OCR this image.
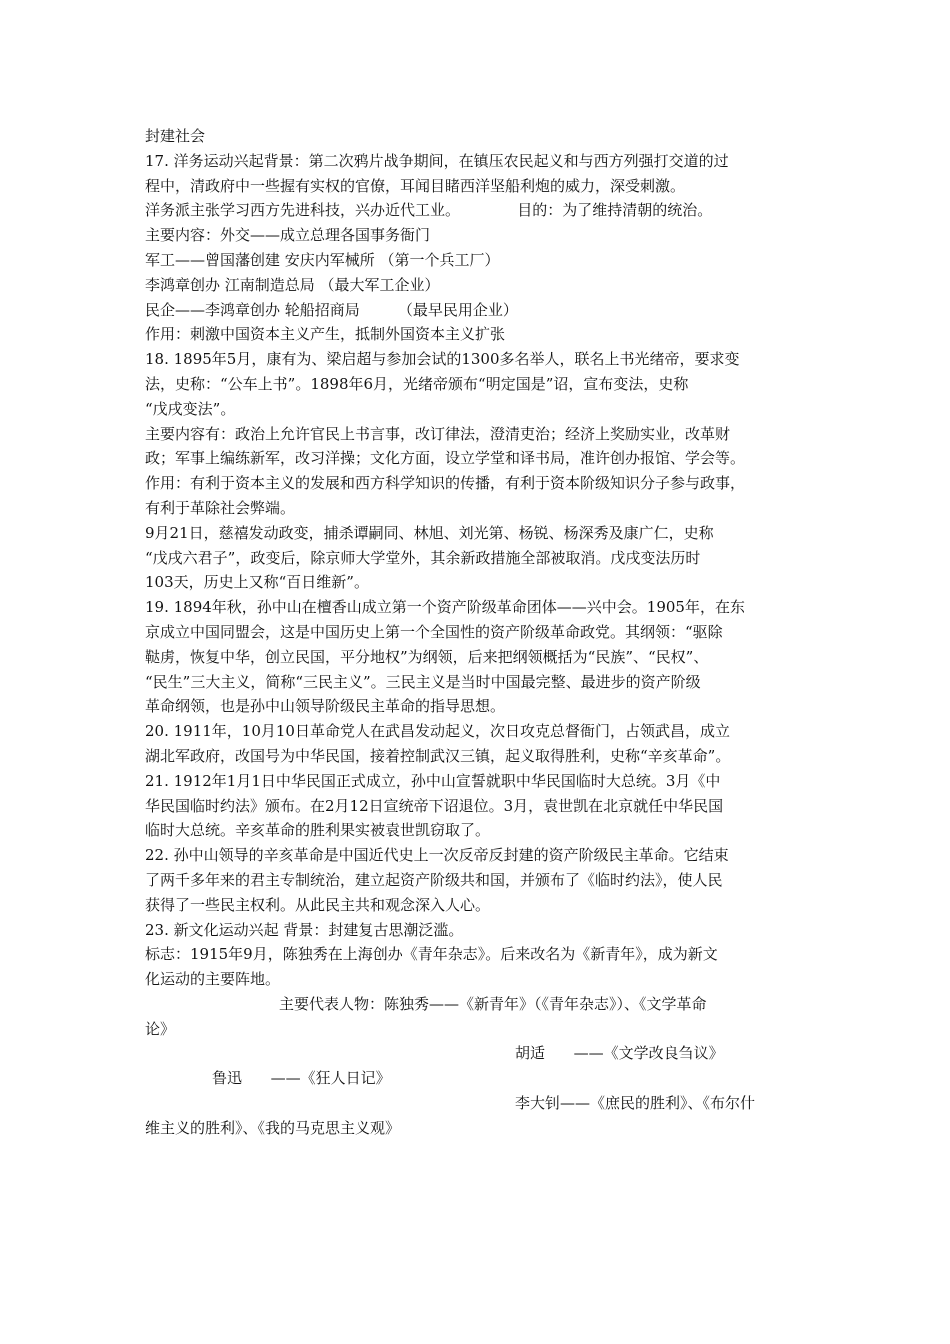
封建社会
17. 洋务运动兴起背景：第二次鸦片战争期间，在镇压农民起义和与西方列强打交道的过
程中，清政府中一些握有实权的官僚，耳闻目睹西洋坚船利炮的威力，深受刺激。
洋务派主张学习西方先进科技，兴办近代工业。            目的：为了维持清朝的统治。
主要内容：外交——成立总理各国事务衙门
军工——曾国藩创建 安庆内军械所 （第一个兵工厂）
李鸿章创办 江南制造总局 （最大军工企业）
民企——李鸿章创办 轮船招商局        （最早民用企业）
作用：刺激中国资本主义产生，抵制外国资本主义扩张
18. 1895年5月，康有为、梁启超与参加会试的1300多名举人，联名上书光绪帝，要求变
法，史称：“公车上书”。1898年6月，光绪帝颁布“明定国是”诏，宣布变法，史称
“戊戌变法”。
主要内容有：政治上允许官民上书言事，改订律法，澄清吏治；经济上奖励实业，改革财
政；军事上编练新军，改习洋操；文化方面，设立学堂和译书局，准许创办报馆、学会等。
作用：有利于资本主义的发展和西方科学知识的传播，有利于资本阶级知识分子参与政事，
有利于革除社会弊端。
9月21日，慈禧发动政变，捕杀谭嗣同、林旭、刘光第、杨锐、杨深秀及康广仁，史称
“戊戌六君子”，政变后，除京师大学堂外，其余新政措施全部被取消。戊戌变法历时
103天，历史上又称“百日维新”。
19. 1894年秋，孙中山在檀香山成立第一个资产阶级革命团体——兴中会。1905年，在东
京成立中国同盟会，这是中国历史上第一个全国性的资产阶级革命政党。其纲领：“驱除
鞑虏，恢复中华，创立民国，平分地权”为纲领，后来把纲领概括为“民族”、“民权”、
“民生”三大主义，简称“三民主义”。三民主义是当时中国最完整、最进步的资产阶级
革命纲领，也是孙中山领导阶级民主革命的指导思想。
20. 1911年，10月10日革命党人在武昌发动起义，次日攻克总督衙门，占领武昌，成立
湖北军政府，改国号为中华民国，接着控制武汉三镇，起义取得胜利，史称“辛亥革命”。
21. 1912年1月1日中华民国正式成立，孙中山宣誓就职中华民国临时大总统。3月《中
华民国临时约法》颁布。在2月12日宣统帝下诏退位。3月，袁世凯在北京就任中华民国
临时大总统。辛亥革命的胜利果实被袁世凯窃取了。
22. 孙中山领导的辛亥革命是中国近代史上一次反帝反封建的资产阶级民主革命。它结束
了两千多年来的君主专制统治，建立起资产阶级共和国，并颁布了《临时约法》，使人民
获得了一些民主权利。从此民主共和观念深入人心。
23. 新文化运动兴起 背景：封建复古思潮泛滥。
标志：1915年9月，陈独秀在上海创办《青年杂志》。后来改名为《新青年》，成为新文
化运动的主要阵地。
主要代表人物：陈独秀——《新青年》（《青年杂志》）、《文学革命
论》
胡适      ——《文学改良刍议》
鲁迅      ——《狂人日记》
李大钊——《庶民的胜利》、《布尔什
维主义的胜利》、《我的马克思主义观》
